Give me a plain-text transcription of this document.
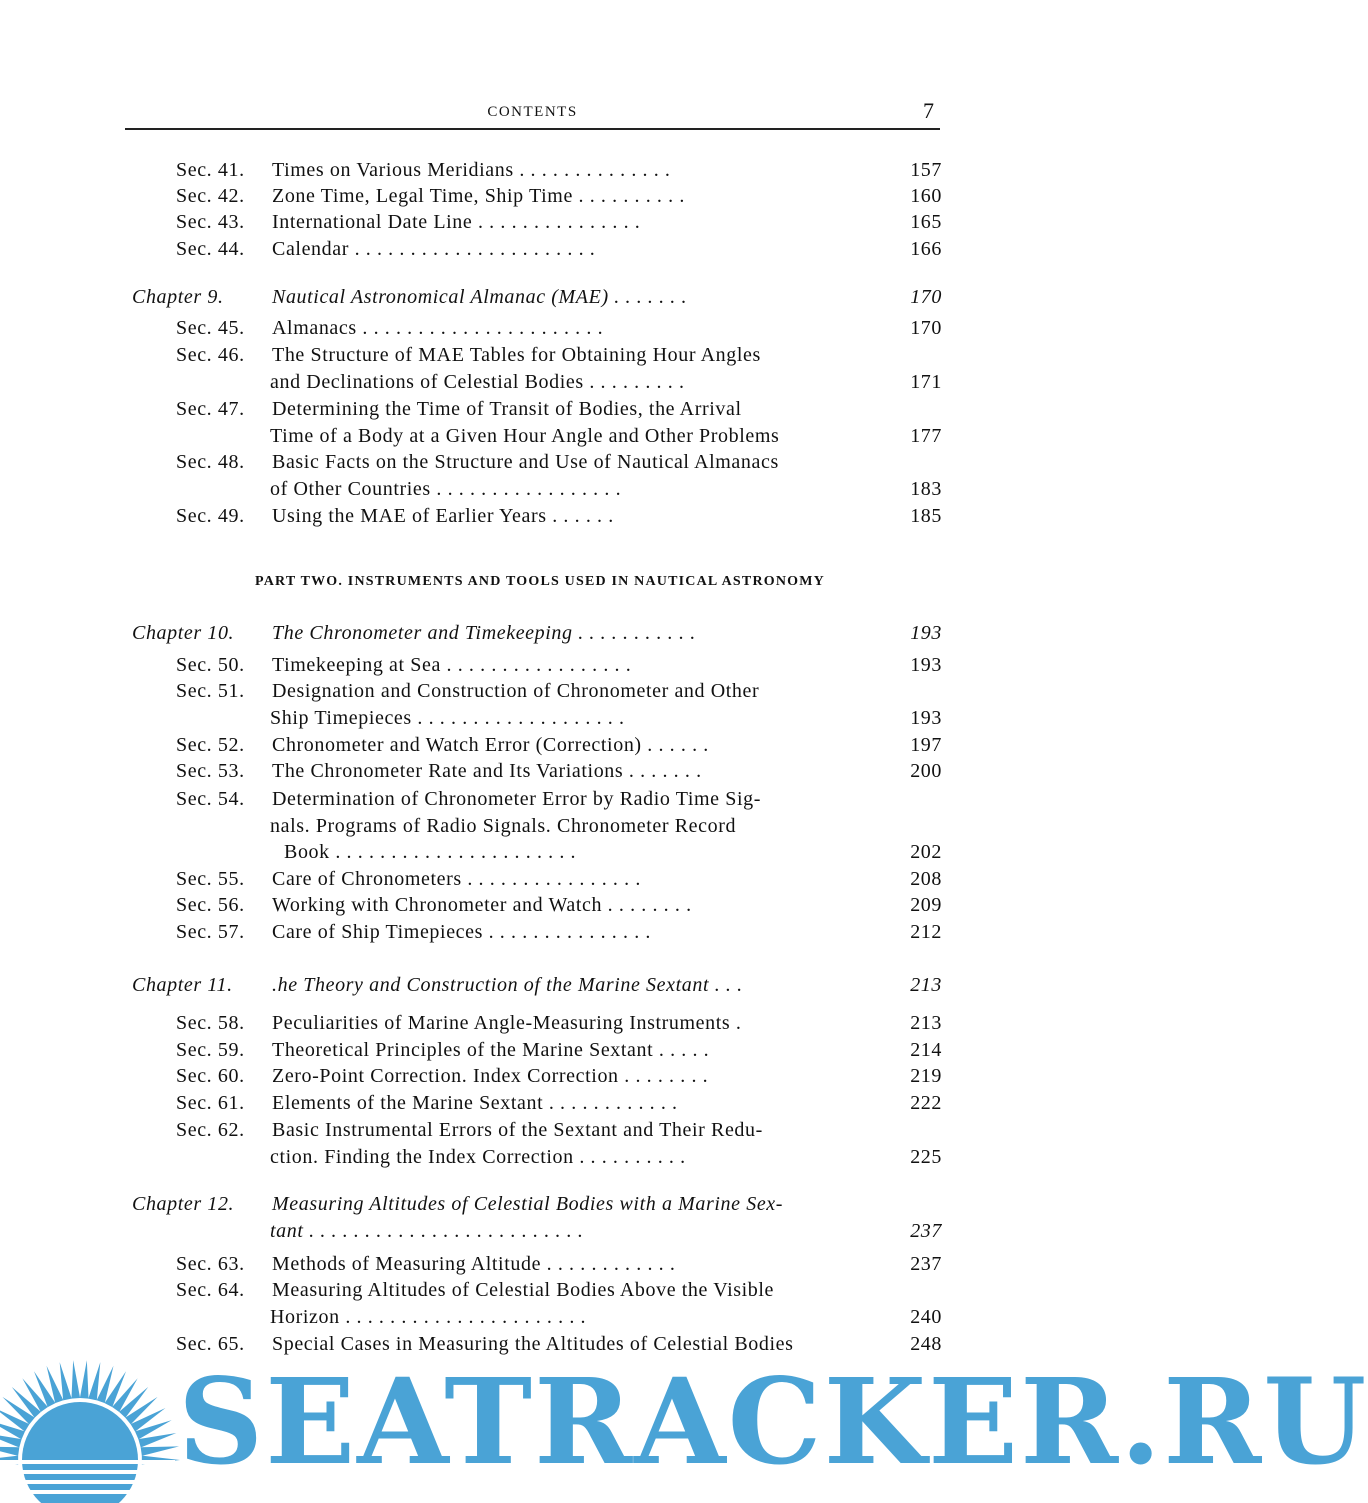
CONTENTS	7
Sec. 41. Times on Various Meridians . . . . . . . . . . . . . .	157
Sec. 42. Zone Time, Legal Time, Ship Time . . . . . . . . . .	160
Sec. 43. International Date Line . . . . . . . . . . . . . . .	165
Sec. 44. Calendar . . . . . . . . . . . . . . . . . . . . . .	166
Chapter 9. Nautical Astronomical Almanac (MAE) . . . . . . .	170
Sec. 45. Almanacs . . . . . . . . . . . . . . . . . . . . . .	170
Sec. 46. The Structure of MAE Tables for Obtaining Hour Angles
and Declinations of Celestial Bodies . . . . . . . . .	171
Sec. 47. Determining the Time of Transit of Bodies, the Arrival
Time of a Body at a Given Hour Angle and Other Problems	177
Sec. 48. Basic Facts on the Structure and Use of Nautical Almanacs
of Other Countries . . . . . . . . . . . . . . . . .	183
Sec. 49. Using the MAE of Earlier Years . . . . . .	185
PART TWO. INSTRUMENTS AND TOOLS USED IN NAUTICAL ASTRONOMY
Chapter 10. The Chronometer and Timekeeping . . . . . . . . . . .	193
Sec. 50. Timekeeping at Sea . . . . . . . . . . . . . . . . .	193
Sec. 51. Designation and Construction of Chronometer and Other
Ship Timepieces . . . . . . . . . . . . . . . . . . .	193
Sec. 52. Chronometer and Watch Error (Correction) . . . . . .	197
Sec. 53. The Chronometer Rate and Its Variations . . . . . . .	200
Sec. 54. Determination of Chronometer Error by Radio Time Sig-
nals. Programs of Radio Signals. Chronometer Record
Book . . . . . . . . . . . . . . . . . . . . . .	202
Sec. 55. Care of Chronometers . . . . . . . . . . . . . . . .	208
Sec. 56. Working with Chronometer and Watch . . . . . . . .	209
Sec. 57. Care of Ship Timepieces . . . . . . . . . . . . . . .	212
Chapter 11. .he Theory and Construction of the Marine Sextant . . .	213
Sec. 58. Peculiarities of Marine Angle-Measuring Instruments .	213
Sec. 59. Theoretical Principles of the Marine Sextant . . . . .	214
Sec. 60. Zero-Point Correction. Index Correction . . . . . . . .	219
Sec. 61. Elements of the Marine Sextant . . . . . . . . . . . .	222
Sec. 62. Basic Instrumental Errors of the Sextant and Their Redu-
ction. Finding the Index Correction . . . . . . . . . .	225
Chapter 12. Measuring Altitudes of Celestial Bodies with a Marine Sex-
tant . . . . . . . . . . . . . . . . . . . . . . . . .	237
Sec. 63. Methods of Measuring Altitude . . . . . . . . . . . .	237
Sec. 64. Measuring Altitudes of Celestial Bodies Above the Visible
Horizon . . . . . . . . . . . . . . . . . . . . . .	240
Sec. 65. Special Cases in Measuring the Altitudes of Celestial Bodies	248
SEATRACKER.RU
